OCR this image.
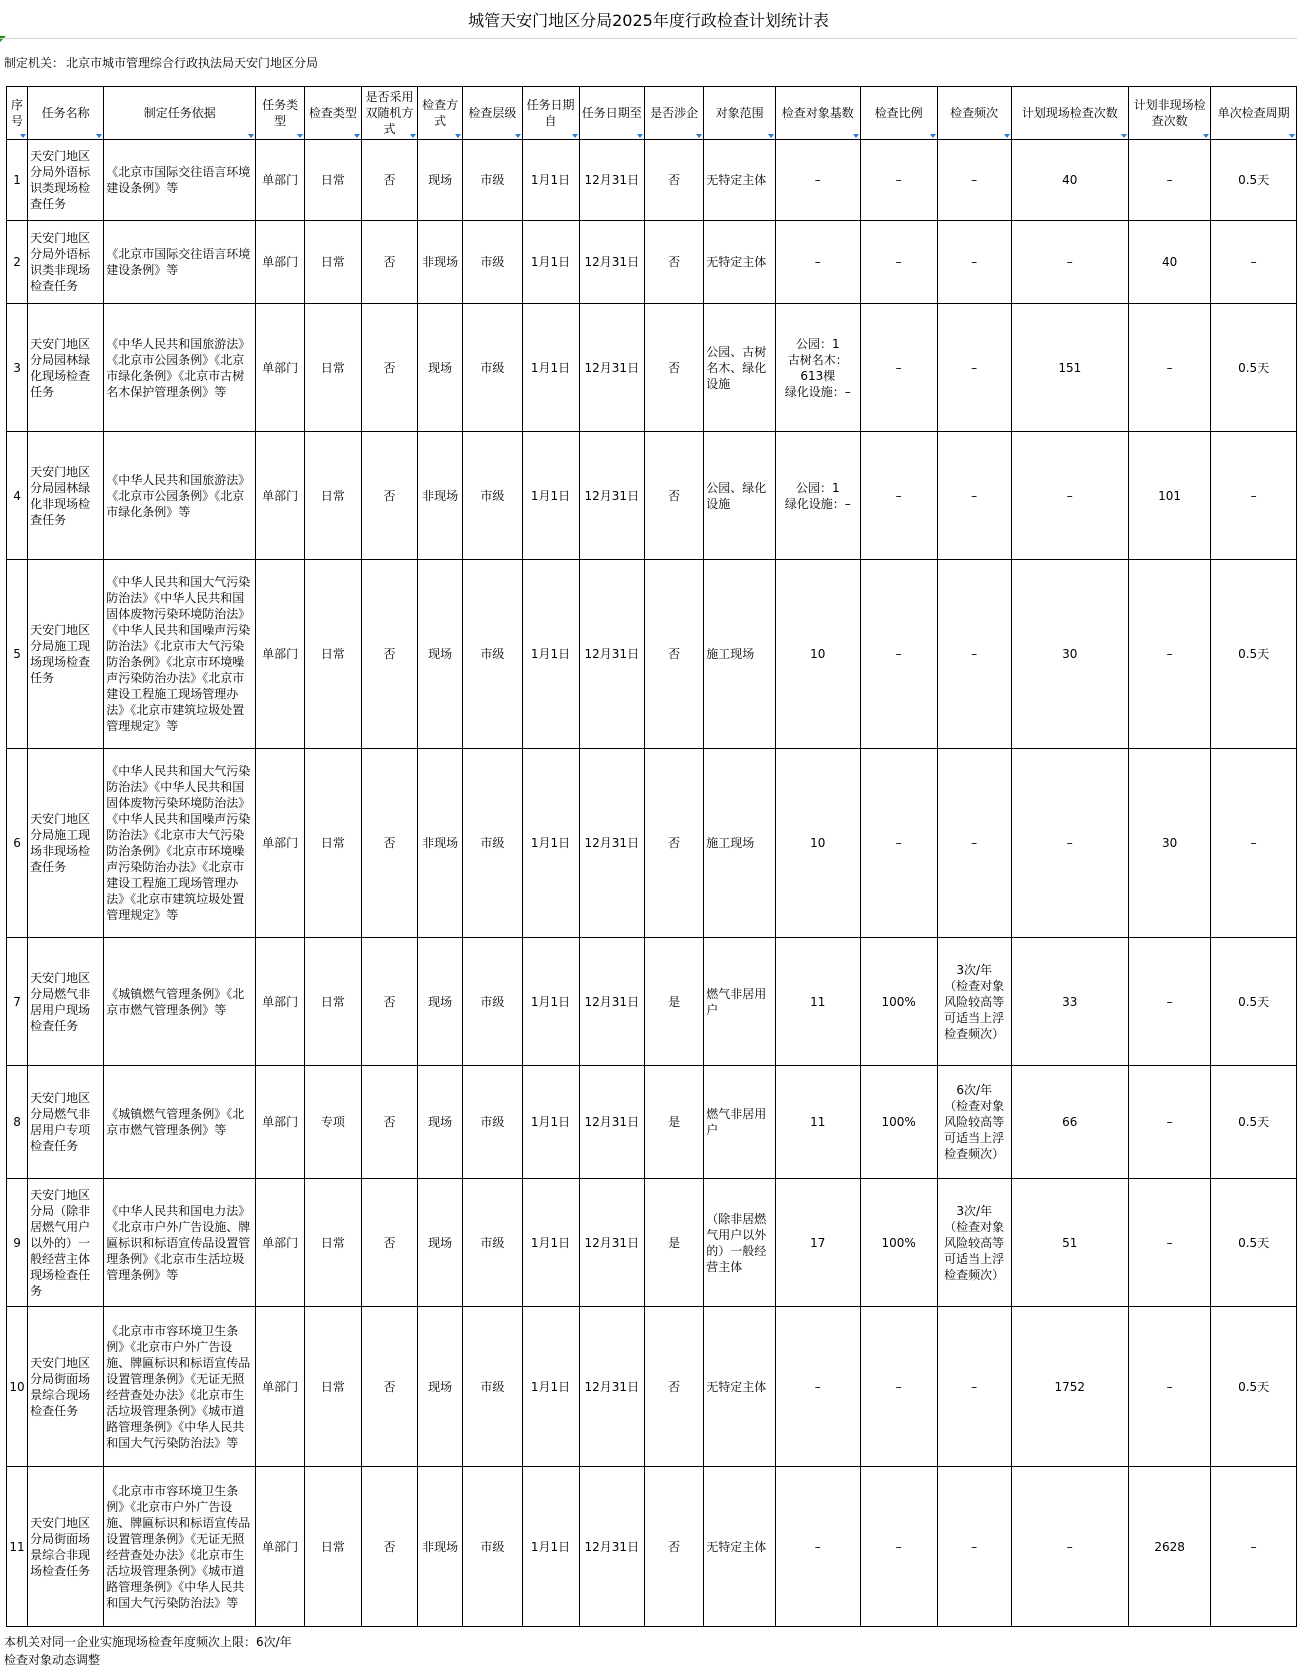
城管天安门地区分局2025年度行政检查计划统计表
制定机关： 北京市城市管理综合行政执法局天安门地区分局
序号	任务名称	制定任务依据	任务类型	检查类型	是否采用双随机方式	检查方式	检查层级	任务日期自	任务日期至	是否涉企	对象范围	检查对象基数	检查比例	检查频次	计划现场检查次数	计划非现场检查次数	单次检查周期

1	天安门地区分局外语标识类现场检查任务	《北京市国际交往语言环境建设条例》等	单部门	日常	否	现场	市级	1月1日	12月31日	否	无特定主体	–	–	–	40	–	0.5天
2	天安门地区分局外语标识类非现场检查任务	《北京市国际交往语言环境建设条例》等	单部门	日常	否	非现场	市级	1月1日	12月31日	否	无特定主体	–	–	–	–	40	–
3	天安门地区分局园林绿化现场检查任务	《中华人民共和国旅游法》《北京市公园条例》《北京市绿化条例》《北京市古树名木保护管理条例》等	单部门	日常	否	现场	市级	1月1日	12月31日	否	公园、古树名木、绿化设施	公园：1
古树名木：613棵
绿化设施：–	–	–	151	–	0.5天
4	天安门地区分局园林绿化非现场检查任务	《中华人民共和国旅游法》《北京市公园条例》《北京市绿化条例》等	单部门	日常	否	非现场	市级	1月1日	12月31日	否	公园、绿化设施	公园：1
绿化设施：–	–	–	–	101	–
5	天安门地区分局施工现场现场检查任务	《中华人民共和国大气污染防治法》《中华人民共和国固体废物污染环境防治法》《中华人民共和国噪声污染防治法》《北京市大气污染防治条例》《北京市环境噪声污染防治办法》《北京市建设工程施工现场管理办法》《北京市建筑垃圾处置管理规定》等	单部门	日常	否	现场	市级	1月1日	12月31日	否	施工现场	10	–	–	30	–	0.5天
6	天安门地区分局施工现场非现场检查任务	《中华人民共和国大气污染防治法》《中华人民共和国固体废物污染环境防治法》《中华人民共和国噪声污染防治法》《北京市大气污染防治条例》《北京市环境噪声污染防治办法》《北京市建设工程施工现场管理办法》《北京市建筑垃圾处置管理规定》等	单部门	日常	否	非现场	市级	1月1日	12月31日	否	施工现场	10	–	–	–	30	–
7	天安门地区分局燃气非居用户现场检查任务	《城镇燃气管理条例》《北京市燃气管理条例》等	单部门	日常	否	现场	市级	1月1日	12月31日	是	燃气非居用户	11	100%	3次/年
（检查对象风险较高等可适当上浮检查频次）	33	–	0.5天
8	天安门地区分局燃气非居用户专项检查任务	《城镇燃气管理条例》《北京市燃气管理条例》等	单部门	专项	否	现场	市级	1月1日	12月31日	是	燃气非居用户	11	100%	6次/年
（检查对象风险较高等可适当上浮检查频次）	66	–	0.5天
9	天安门地区分局（除非居燃气用户以外的）一般经营主体现场检查任务	《中华人民共和国电力法》《北京市户外广告设施、牌匾标识和标语宣传品设置管理条例》《北京市生活垃圾管理条例》等	单部门	日常	否	现场	市级	1月1日	12月31日	是	（除非居燃气用户以外的）一般经营主体	17	100%	3次/年
（检查对象风险较高等可适当上浮检查频次）	51	–	0.5天
10	天安门地区分局街面场景综合现场检查任务	《北京市市容环境卫生条例》《北京市户外广告设施、牌匾标识和标语宣传品设置管理条例》《无证无照经营查处办法》《北京市生活垃圾管理条例》《城市道路管理条例》《中华人民共和国大气污染防治法》等	单部门	日常	否	现场	市级	1月1日	12月31日	否	无特定主体	–	–	–	1752	–	0.5天
11	天安门地区分局街面场景综合非现场检查任务	《北京市市容环境卫生条例》《北京市户外广告设施、牌匾标识和标语宣传品设置管理条例》《无证无照经营查处办法》《北京市生活垃圾管理条例》《城市道路管理条例》《中华人民共和国大气污染防治法》等	单部门	日常	否	非现场	市级	1月1日	12月31日	否	无特定主体	–	–	–	–	2628	–
本机关对同一企业实施现场检查年度频次上限：6次/年
检查对象动态调整
